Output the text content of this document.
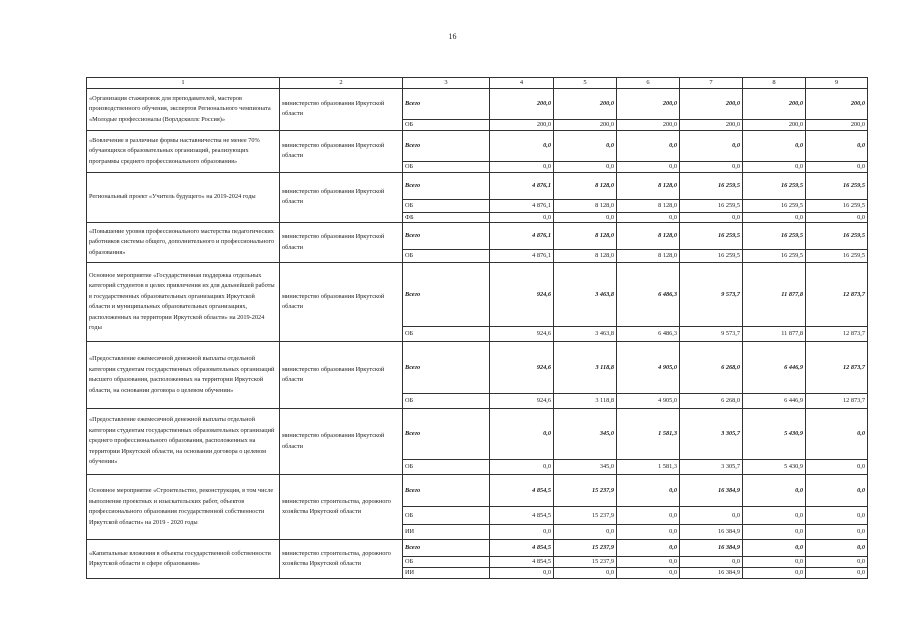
16
1	2	3	4	5	6	7	8	9
«Организация стажировок для преподавателей, мастеров производственного обучения, экспертов Регионального чемпионата «Молодые профессионалы (Ворлдскиллс Россия)»	министерство образования Иркутской области	Всего	200,0	200,0	200,0	200,0	200,0	200,0
		ОБ	200,0	200,0	200,0	200,0	200,0	200,0
«Вовлечение в различные формы наставничества не менее 70% обучающихся образовательных организаций, реализующих программы среднего профессионального образования»	министерство образования Иркутской области	Всего	0,0	0,0	0,0	0,0	0,0	0,0
		ОБ	0,0	0,0	0,0	0,0	0,0	0,0
Региональный проект «Учитель будущего» на 2019-2024 годы	министерство образования Иркутской области	Всего	4 876,1	8 128,0	8 128,0	16 259,5	16 259,5	16 259,5
		ОБ	4 876,1	8 128,0	8 128,0	16 259,5	16 259,5	16 259,5
		ФБ	0,0	0,0	0,0	0,0	0,0	0,0
«Повышение уровня профессионального мастерства педагогических работников системы общего, дополнительного и профессионального образования»	министерство образования Иркутской области	Всего	4 876,1	8 128,0	8 128,0	16 259,5	16 259,5	16 259,5
		ОБ	4 876,1	8 128,0	8 128,0	16 259,5	16 259,5	16 259,5
Основное мероприятие «Государственная поддержка отдельных категорий студентов в целях привлечения их для дальнейшей работы в государственных образовательных организациях Иркутской области и муниципальных образовательных организациях, расположенных на территории Иркутской области» на 2019-2024 годы	министерство образования Иркутской области	Всего	924,6	3 463,8	6 486,3	9 573,7	11 877,8	12 873,7
		ОБ	924,6	3 463,8	6 486,3	9 573,7	11 877,8	12 873,7
«Предоставление ежемесячной денежной выплаты отдельной категории студентам государственных образовательных организаций высшего образования, расположенных на территории Иркутской области, на основании договора о целевом обучении»	министерство образования Иркутской области	Всего	924,6	3 118,8	4 905,0	6 268,0	6 446,9	12 873,7
		ОБ	924,6	3 118,8	4 905,0	6 268,0	6 446,9	12 873,7
«Предоставление ежемесячной денежной выплаты отдельной категории студентам государственных образовательных организаций среднего профессионального образования, расположенных на территории Иркутской области, на основании договора о целевом обучении»	министерство образования Иркутской области	Всего	0,0	345,0	1 581,3	3 305,7	5 430,9	0,0
		ОБ	0,0	345,0	1 581,3	3 305,7	5 430,9	0,0
Основное мероприятие «Строительство, реконструкция, в том числе выполнение проектных и изыскательских работ, объектов профессионального образования государственной собственности Иркутской области» на 2019 - 2020 годы	министерство строительства, дорожного хозяйства Иркутской области	Всего	4 854,5	15 237,9	0,0	16 384,9	0,0	0,0
		ОБ	4 854,5	15 237,9	0,0	0,0	0,0	0,0
		ИИ	0,0	0,0	0,0	16 384,9	0,0	0,0
«Капитальные вложения в объекты государственной собственности Иркутской области в сфере образования»	министерство строительства, дорожного хозяйства Иркутской области	Всего	4 854,5	15 237,9	0,0	16 384,9	0,0	0,0
		ОБ	4 854,5	15 237,9	0,0	0,0	0,0	0,0
		ИИ	0,0	0,0	0,0	16 384,9	0,0	0,0
